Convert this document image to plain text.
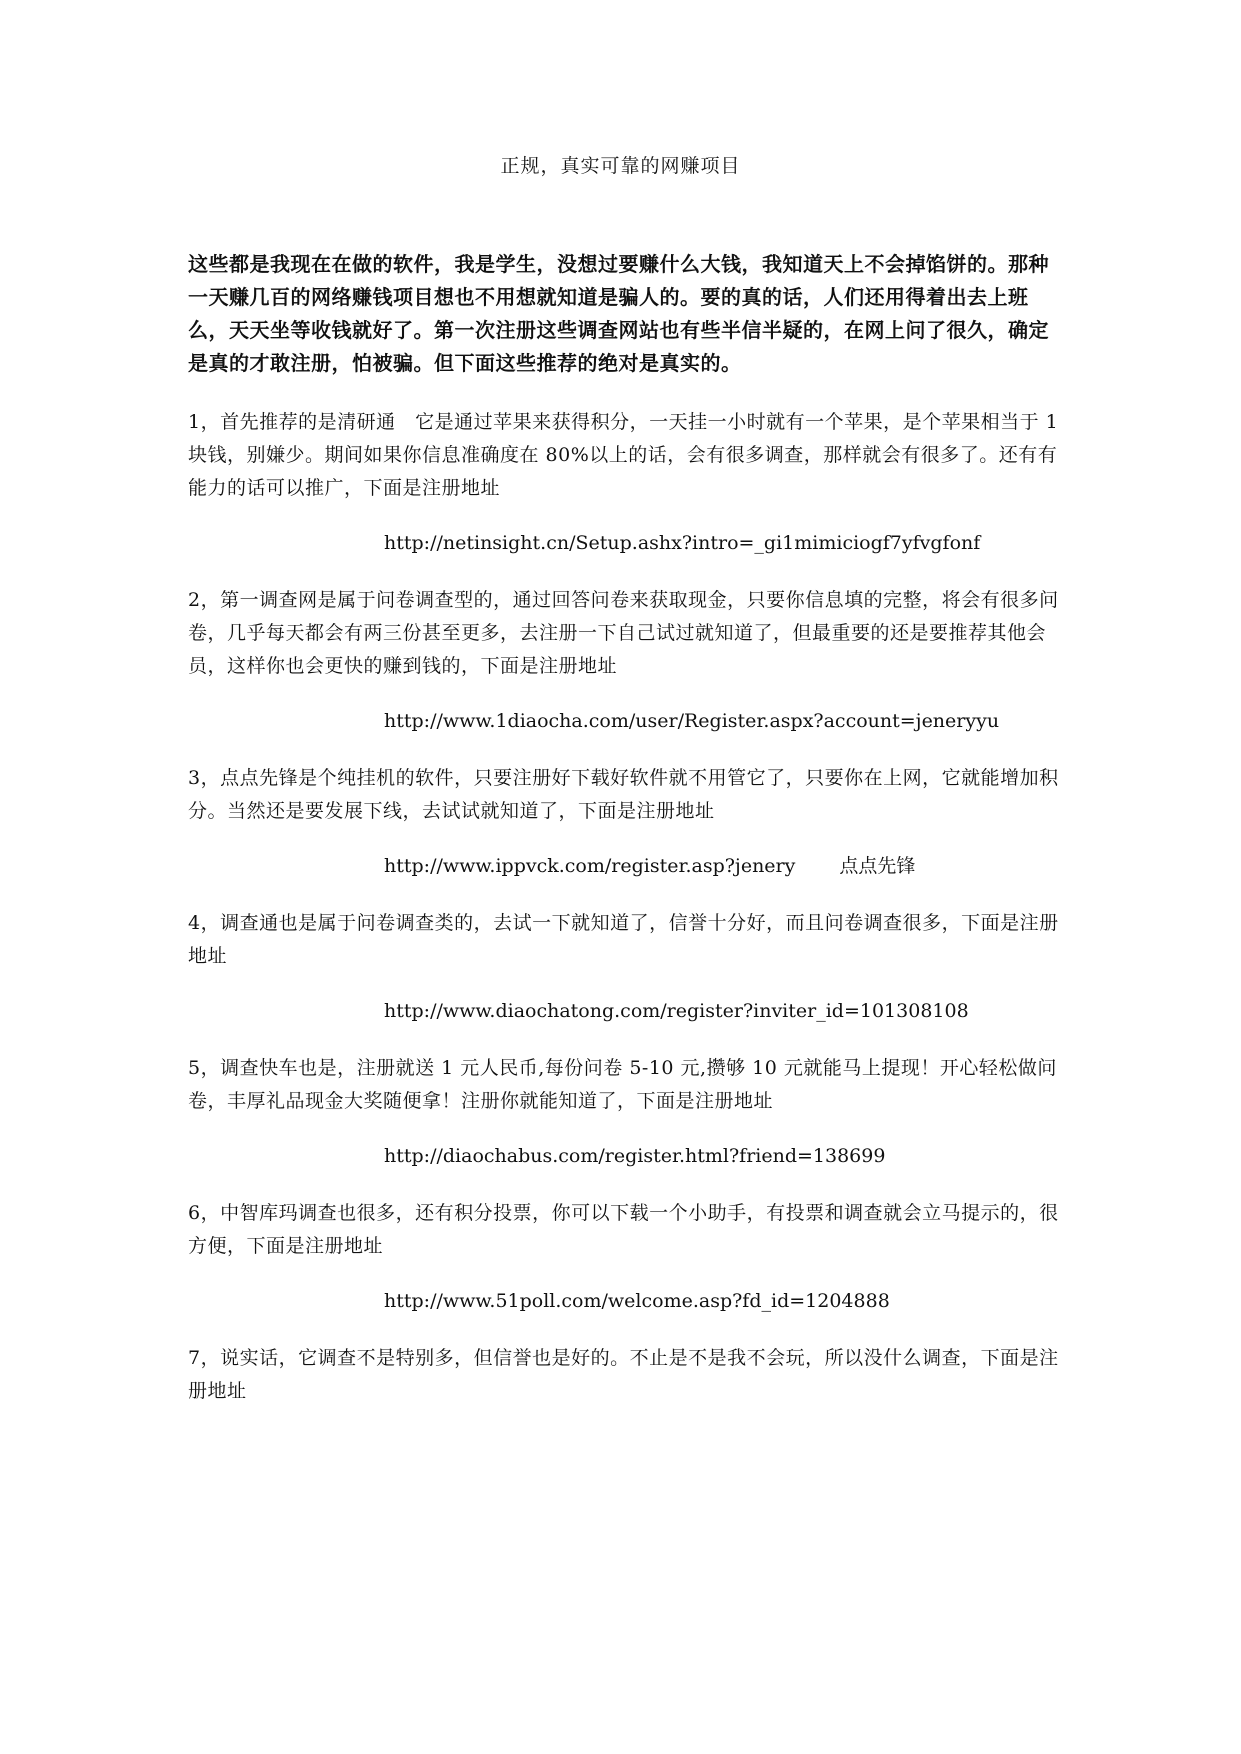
正规，真实可靠的网赚项目

这些都是我现在在做的软件，我是学生，没想过要赚什么大钱，我知道天上不会掉馅饼的。那种一天赚几百的网络赚钱项目想也不用想就知道是骗人的。要的真的话，人们还用得着出去上班么，天天坐等收钱就好了。第一次注册这些调查网站也有些半信半疑的，在网上问了很久，确定是真的才敢注册，怕被骗。但下面这些推荐的绝对是真实的。

1，首先推荐的是清研通　它是通过苹果来获得积分，一天挂一小时就有一个苹果，是个苹果相当于 1 块钱，别嫌少。期间如果你信息准确度在 80%以上的话，会有很多调查，那样就会有很多了。还有有能力的话可以推广，下面是注册地址

http://netinsight.cn/Setup.ashx?intro=_gi1mimiciogf7yfvgfonf

2，第一调查网是属于问卷调查型的，通过回答问卷来获取现金，只要你信息填的完整，将会有很多问卷，几乎每天都会有两三份甚至更多，去注册一下自己试过就知道了，但最重要的还是要推荐其他会员，这样你也会更快的赚到钱的，下面是注册地址

http://www.1diaocha.com/user/Register.aspx?account=jeneryyu

3，点点先锋是个纯挂机的软件，只要注册好下载好软件就不用管它了，只要你在上网，它就能增加积分。当然还是要发展下线，去试试就知道了，下面是注册地址

http://www.ippvck.com/register.asp?jenery 点点先锋

4，调查通也是属于问卷调查类的，去试一下就知道了，信誉十分好，而且问卷调查很多，下面是注册地址

http://www.diaochatong.com/register?inviter_id=101308108

5，调查快车也是，注册就送 1 元人民币,每份问卷 5-10 元,攒够 10 元就能马上提现！开心轻松做问卷，丰厚礼品现金大奖随便拿！注册你就能知道了，下面是注册地址

http://diaochabus.com/register.html?friend=138699

6，中智库玛调查也很多，还有积分投票，你可以下载一个小助手，有投票和调查就会立马提示的，很方便，下面是注册地址

http://www.51poll.com/welcome.asp?fd_id=1204888

7，说实话，它调查不是特别多，但信誉也是好的。不止是不是我不会玩，所以没什么调查，下面是注册地址
